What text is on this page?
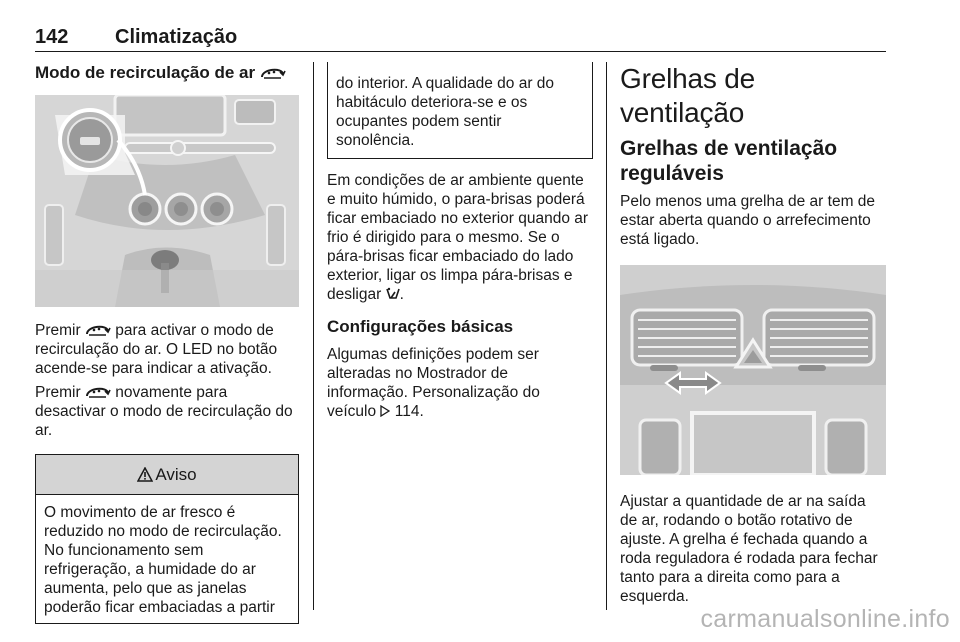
142 Climatização
Modo de recirculação de ar
Premir para activar o modo de recirculação do ar. O LED no botão acende-se para indicar a ativação.
Premir novamente para desactivar o modo de recirculação do ar.
Aviso
O movimento de ar fresco é reduzido no modo de recirculação. No funcionamento sem refrigeração, a humidade do ar aumenta, pelo que as janelas poderão ficar embaciadas a partir
do interior. A qualidade do ar do habitáculo deteriora-se e os ocupantes podem sentir sonolência.
Em condições de ar ambiente quente e muito húmido, o para-brisas poderá ficar embaciado no exterior quando ar frio é dirigido para o mesmo. Se o pára-brisas ficar embaciado do lado exterior, ligar os limpa pára-brisas e desligar .
Configurações básicas
Algumas definições podem ser alteradas no Mostrador de informação. Personalização do veículo 114.
Grelhas de ventilação
Grelhas de ventilação reguláveis
Pelo menos uma grelha de ar tem de estar aberta quando o arrefecimento está ligado.
Ajustar a quantidade de ar na saída de ar, rodando o botão rotativo de ajuste. A grelha é fechada quando a roda reguladora é rodada para fechar tanto para a direita como para a esquerda.
carmanualsonline.info
